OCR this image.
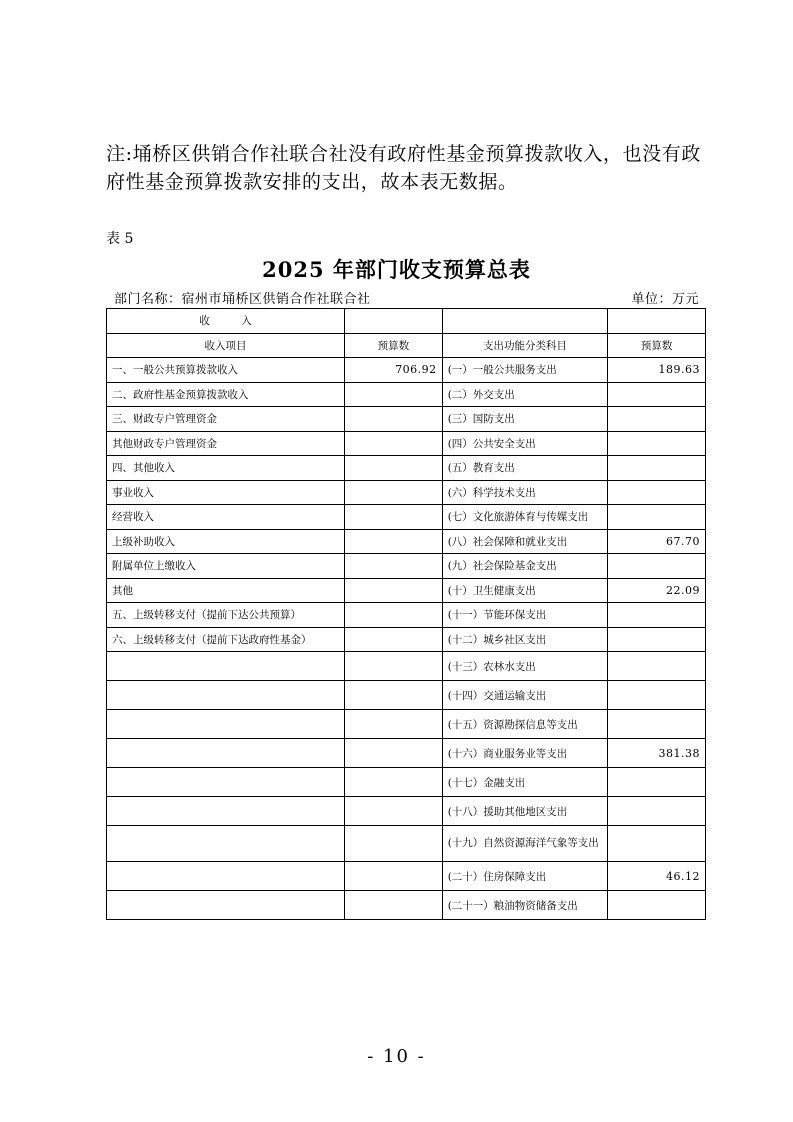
注:埇桥区供销合作社联合社没有政府性基金预算拨款收入，也没有政府性基金预算拨款安排的支出，故本表无数据。
表 5
2025 年部门收支预算总表
部门名称：宿州市埇桥区供销合作社联合社	单位：万元
收　　　入			
收入项目	预算数	支出功能分类科目	预算数
一、一般公共预算拨款收入	706.92	(一）一般公共服务支出	189.63
二、政府性基金预算拨款收入		(二）外交支出	
三、财政专户管理资金		(三）国防支出	
其他财政专户管理资金		(四）公共安全支出	
四、其他收入		(五）教育支出	
事业收入		(六）科学技术支出	
经营收入		(七）文化旅游体育与传媒支出	
上级补助收入		(八）社会保障和就业支出	67.70
附属单位上缴收入		(九）社会保险基金支出	
其他		(十）卫生健康支出	22.09
五、上级转移支付（提前下达公共预算）		(十一）节能环保支出	
六、上级转移支付（提前下达政府性基金）		(十二）城乡社区支出	
		(十三）农林水支出	
		(十四）交通运输支出	
		(十五）资源勘探信息等支出	
		(十六）商业服务业等支出	381.38
		(十七）金融支出	
		(十八）援助其他地区支出	
		(十九）自然资源海洋气象等支出	
		(二十）住房保障支出	46.12
		(二十一）粮油物资储备支出	
- 10 -
